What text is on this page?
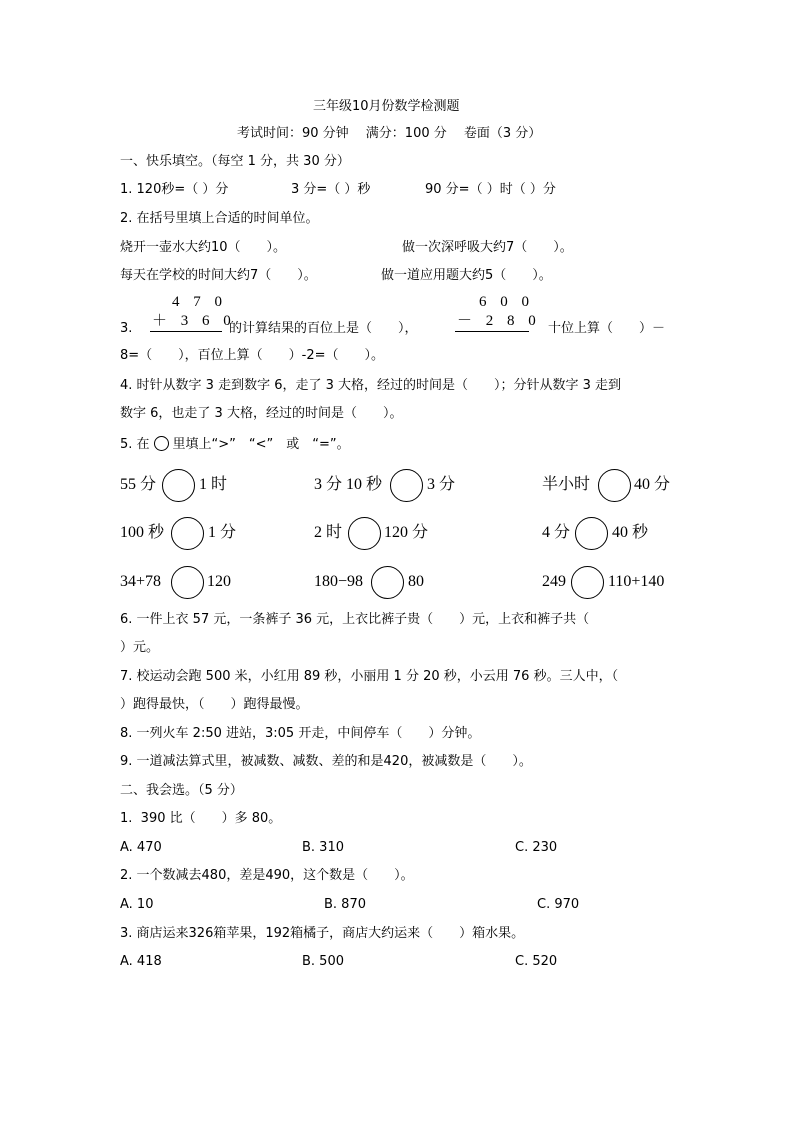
三年级10月份数学检测题
考试时间：90 分钟　 满分：100 分　 卷面（3 分）
一、快乐填空。（每空 1 分，共 30 分）
1. 120秒=（ ）分	3 分=（ ）秒	90 分=（ ）时（ ）分
2. 在括号里填上合适的时间单位。
烧开一壶水大约10（　　）。	做一次深呼吸大约7（　　）。
每天在学校的时间大约7（　　）。	做一道应用题大约5（　　）。
3.
4 7 0
＋ 3 6 0
的计算结果的百位上是（　　），
6 0 0
－ 2 8 0 十位上算（　　）－
8=（　　），百位上算（　　）-2=（　　）。
4. 时针从数字 3 走到数字 6，走了 3 大格，经过的时间是（　　）；分针从数字 3 走到
数字 6，也走了 3 大格，经过的时间是（　　）。
5. 在 里填上“>”　“<”　或　“=”。
55 分	1 时	3 分 10 秒	3 分	半小时	40 分
100 秒	1 分	2 时	120 分	4 分	40 秒
34+78	120	180−98	80	249	110+140
6. 一件上衣 57 元，一条裤子 36 元，上衣比裤子贵（　　）元，上衣和裤子共（
）元。
7. 校运动会跑 500 米，小红用 89 秒，小丽用 1 分 20 秒，小云用 76 秒。三人中，（
）跑得最快，（　　）跑得最慢。
8. 一列火车 2:50 进站，3:05 开走，中间停车（　　）分钟。
9. 一道减法算式里，被减数、减数、差的和是420，被减数是（　　）。
二、我会选。（5 分）
1.  390 比（　　）多 80。
A. 470	B. 310	C. 230
2. 一个数减去480，差是490，这个数是（　　）。
A. 10	B. 870	C. 970
3. 商店运来326箱苹果，192箱橘子，商店大约运来（　　）箱水果。
A. 418	B. 500	C. 520
